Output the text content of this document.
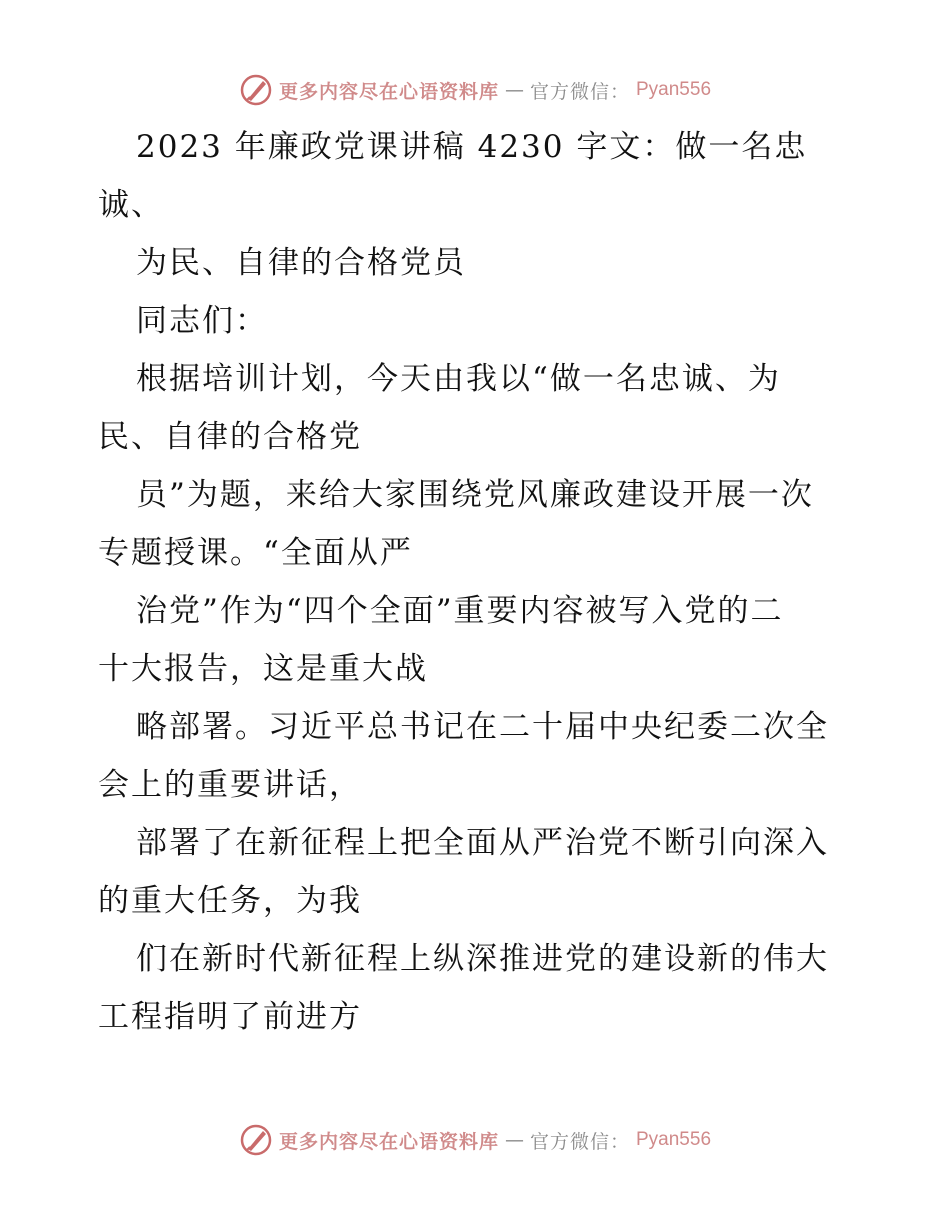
更多内容尽在心语资料库 — 官方微信： Pyan556
2023 年廉政党课讲稿 4230 字文：做一名忠
诚、
为民、自律的合格党员
同志们：
根据培训计划，今天由我以“做一名忠诚、为
民、自律的合格党
员”为题，来给大家围绕党风廉政建设开展一次
专题授课。“全面从严
治党”作为“四个全面”重要内容被写入党的二
十大报告，这是重大战
略部署。习近平总书记在二十届中央纪委二次全
会上的重要讲话，
部署了在新征程上把全面从严治党不断引向深入
的重大任务，为我
们在新时代新征程上纵深推进党的建设新的伟大
工程指明了前进方
更多内容尽在心语资料库 — 官方微信： Pyan556
